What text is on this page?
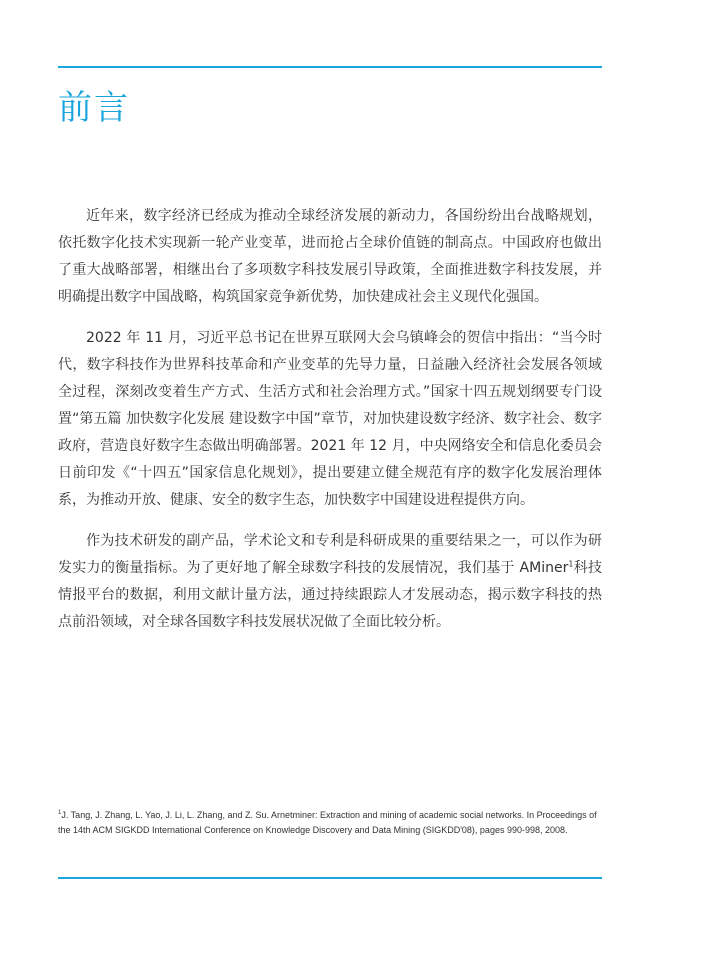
前言

近年来，数字经济已经成为推动全球经济发展的新动力，各国纷纷出台战略规划，依托数字化技术实现新一轮产业变革，进而抢占全球价值链的制高点。中国政府也做出了重大战略部署，相继出台了多项数字科技发展引导政策，全面推进数字科技发展，并明确提出数字中国战略，构筑国家竞争新优势，加快建成社会主义现代化强国。

2022 年 11 月，习近平总书记在世界互联网大会乌镇峰会的贺信中指出：“当今时代，数字科技作为世界科技革命和产业变革的先导力量，日益融入经济社会发展各领域全过程，深刻改变着生产方式、生活方式和社会治理方式。”国家十四五规划纲要专门设置“第五篇 加快数字化发展 建设数字中国”章节，对加快建设数字经济、数字社会、数字政府，营造良好数字生态做出明确部署。2021 年 12 月，中央网络安全和信息化委员会日前印发《“十四五”国家信息化规划》，提出要建立健全规范有序的数字化发展治理体系，为推动开放、健康、安全的数字生态，加快数字中国建设进程提供方向。

作为技术研发的副产品，学术论文和专利是科研成果的重要结果之一，可以作为研发实力的衡量指标。为了更好地了解全球数字科技的发展情况，我们基于 AMiner$^1$科技情报平台的数据，利用文献计量方法，通过持续跟踪人才发展动态，揭示数字科技的热点前沿领域，对全球各国数字科技发展状况做了全面比较分析。

$^1$J. Tang, J. Zhang, L. Yao, J. Li, L. Zhang, and Z. Su. Arnetminer: Extraction and mining of academic social networks. In Proceedings of the 14th ACM SIGKDD International Conference on Knowledge Discovery and Data Mining (SIGKDD'08), pages 990-998, 2008.
